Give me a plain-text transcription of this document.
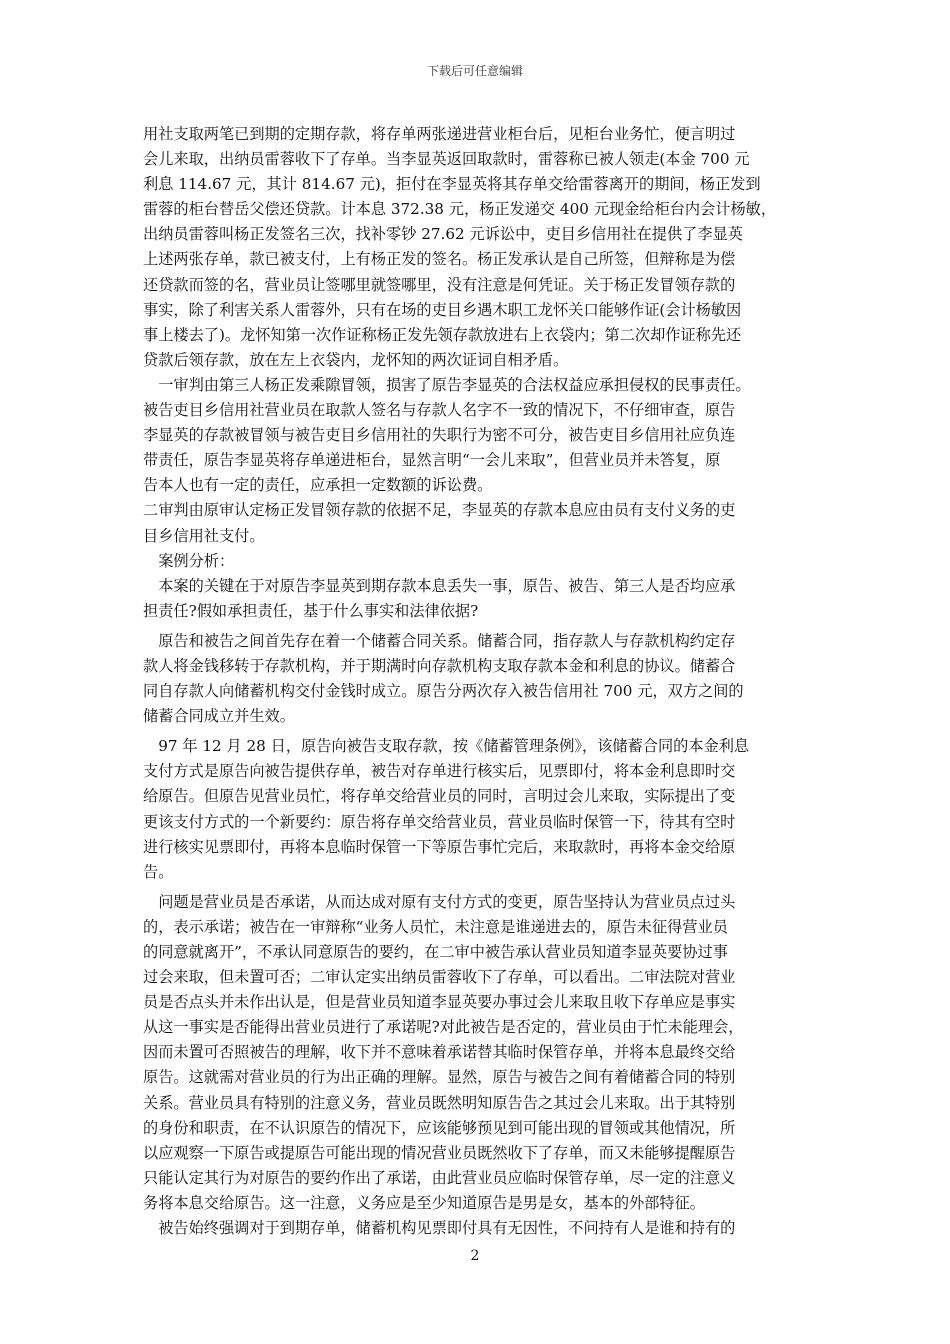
下载后可任意编辑
用社支取两笔已到期的定期存款，将存单两张递进营业柜台后，见柜台业务忙，便言明过
会儿来取，出纳员雷蓉收下了存单。当李显英返回取款时，雷蓉称已被人领走(本金 700 元
利息 114.67 元，其计 814.67 元)，拒付在李显英将其存单交给雷蓉离开的期间，杨正发到
雷蓉的柜台替岳父偿还贷款。计本息 372.38 元，杨正发递交 400 元现金给柜台内会计杨敏，
出纳员雷蓉叫杨正发签名三次，找补零钞 27.62 元诉讼中，吏目乡信用社在提供了李显英
上述两张存单，款已被支付，上有杨正发的签名。杨正发承认是自己所签，但辩称是为偿
还贷款而签的名，营业员让签哪里就签哪里，没有注意是何凭证。关于杨正发冒领存款的
事实，除了利害关系人雷蓉外，只有在场的吏目乡遇木职工龙怀关口能够作证(会计杨敏因
事上楼去了)。龙怀知第一次作证称杨正发先领存款放进右上衣袋内；第二次却作证称先还
贷款后领存款，放在左上衣袋内，龙怀知的两次证词自相矛盾。
一审判由第三人杨正发乘隙冒领，损害了原告李显英的合法权益应承担侵权的民事责任。
被告吏目乡信用社营业员在取款人签名与存款人名字不一致的情况下，不仔细审查，原告
李显英的存款被冒领与被告吏目乡信用社的失职行为密不可分，被告吏目乡信用社应负连
带责任，原告李显英将存单递进柜台，显然言明“一会儿来取”，但营业员并未答复，原
告本人也有一定的责任，应承担一定数额的诉讼费。
二审判由原审认定杨正发冒领存款的依据不足，李显英的存款本息应由员有支付义务的吏
目乡信用社支付。
案例分析：
本案的关键在于对原告李显英到期存款本息丢失一事，原告、被告、第三人是否均应承
担责任?假如承担责任，基于什么事实和法律依据?
原告和被告之间首先存在着一个储蓄合同关系。储蓄合同，指存款人与存款机构约定存
款人将金钱移转于存款机构，并于期满时向存款机构支取存款本金和利息的协议。储蓄合
同自存款人向储蓄机构交付金钱时成立。原告分两次存入被告信用社 700 元，双方之间的
储蓄合同成立并生效。
97 年 12 月 28 日，原告向被告支取存款，按《储蓄管理条例》，该储蓄合同的本金利息
支付方式是原告向被告提供存单，被告对存单进行核实后，见票即付，将本金利息即时交
给原告。但原告见营业员忙，将存单交给营业员的同时，言明过会儿来取，实际提出了变
更该支付方式的一个新要约：原告将存单交给营业员，营业员临时保管一下，待其有空时
进行核实见票即付，再将本息临时保管一下等原告事忙完后，来取款时，再将本金交给原
告。
问题是营业员是否承诺，从而达成对原有支付方式的变更，原告坚持认为营业员点过头
的，表示承诺；被告在一审辩称“业务人员忙，未注意是谁递进去的，原告未征得营业员
的同意就离开”，不承认同意原告的要约，在二审中被告承认营业员知道李显英要协过事
过会来取，但未置可否；二审认定实出纳员雷蓉收下了存单，可以看出。二审法院对营业
员是否点头并未作出认是，但是营业员知道李显英要办事过会儿来取且收下存单应是事实
从这一事实是否能得出营业员进行了承诺呢?对此被告是否定的，营业员由于忙未能理会，
因而未置可否照被告的理解，收下并不意味着承诺替其临时保管存单，并将本息最终交给
原告。这就需对营业员的行为出正确的理解。显然，原告与被告之间有着储蓄合同的特别
关系。营业员具有特别的注意义务，营业员既然明知原告告之其过会儿来取。出于其特别
的身份和职责，在不认识原告的情况下，应该能够预见到可能出现的冒领或其他情况，所
以应观察一下原告或提原告可能出现的情况营业员既然收下了存单，而又未能够提醒原告
只能认定其行为对原告的要约作出了承诺，由此营业员应临时保管存单，尽一定的注意义
务将本息交给原告。这一注意，义务应是至少知道原告是男是女，基本的外部特征。
被告始终强调对于到期存单，储蓄机构见票即付具有无因性，不问持有人是谁和持有的
2
